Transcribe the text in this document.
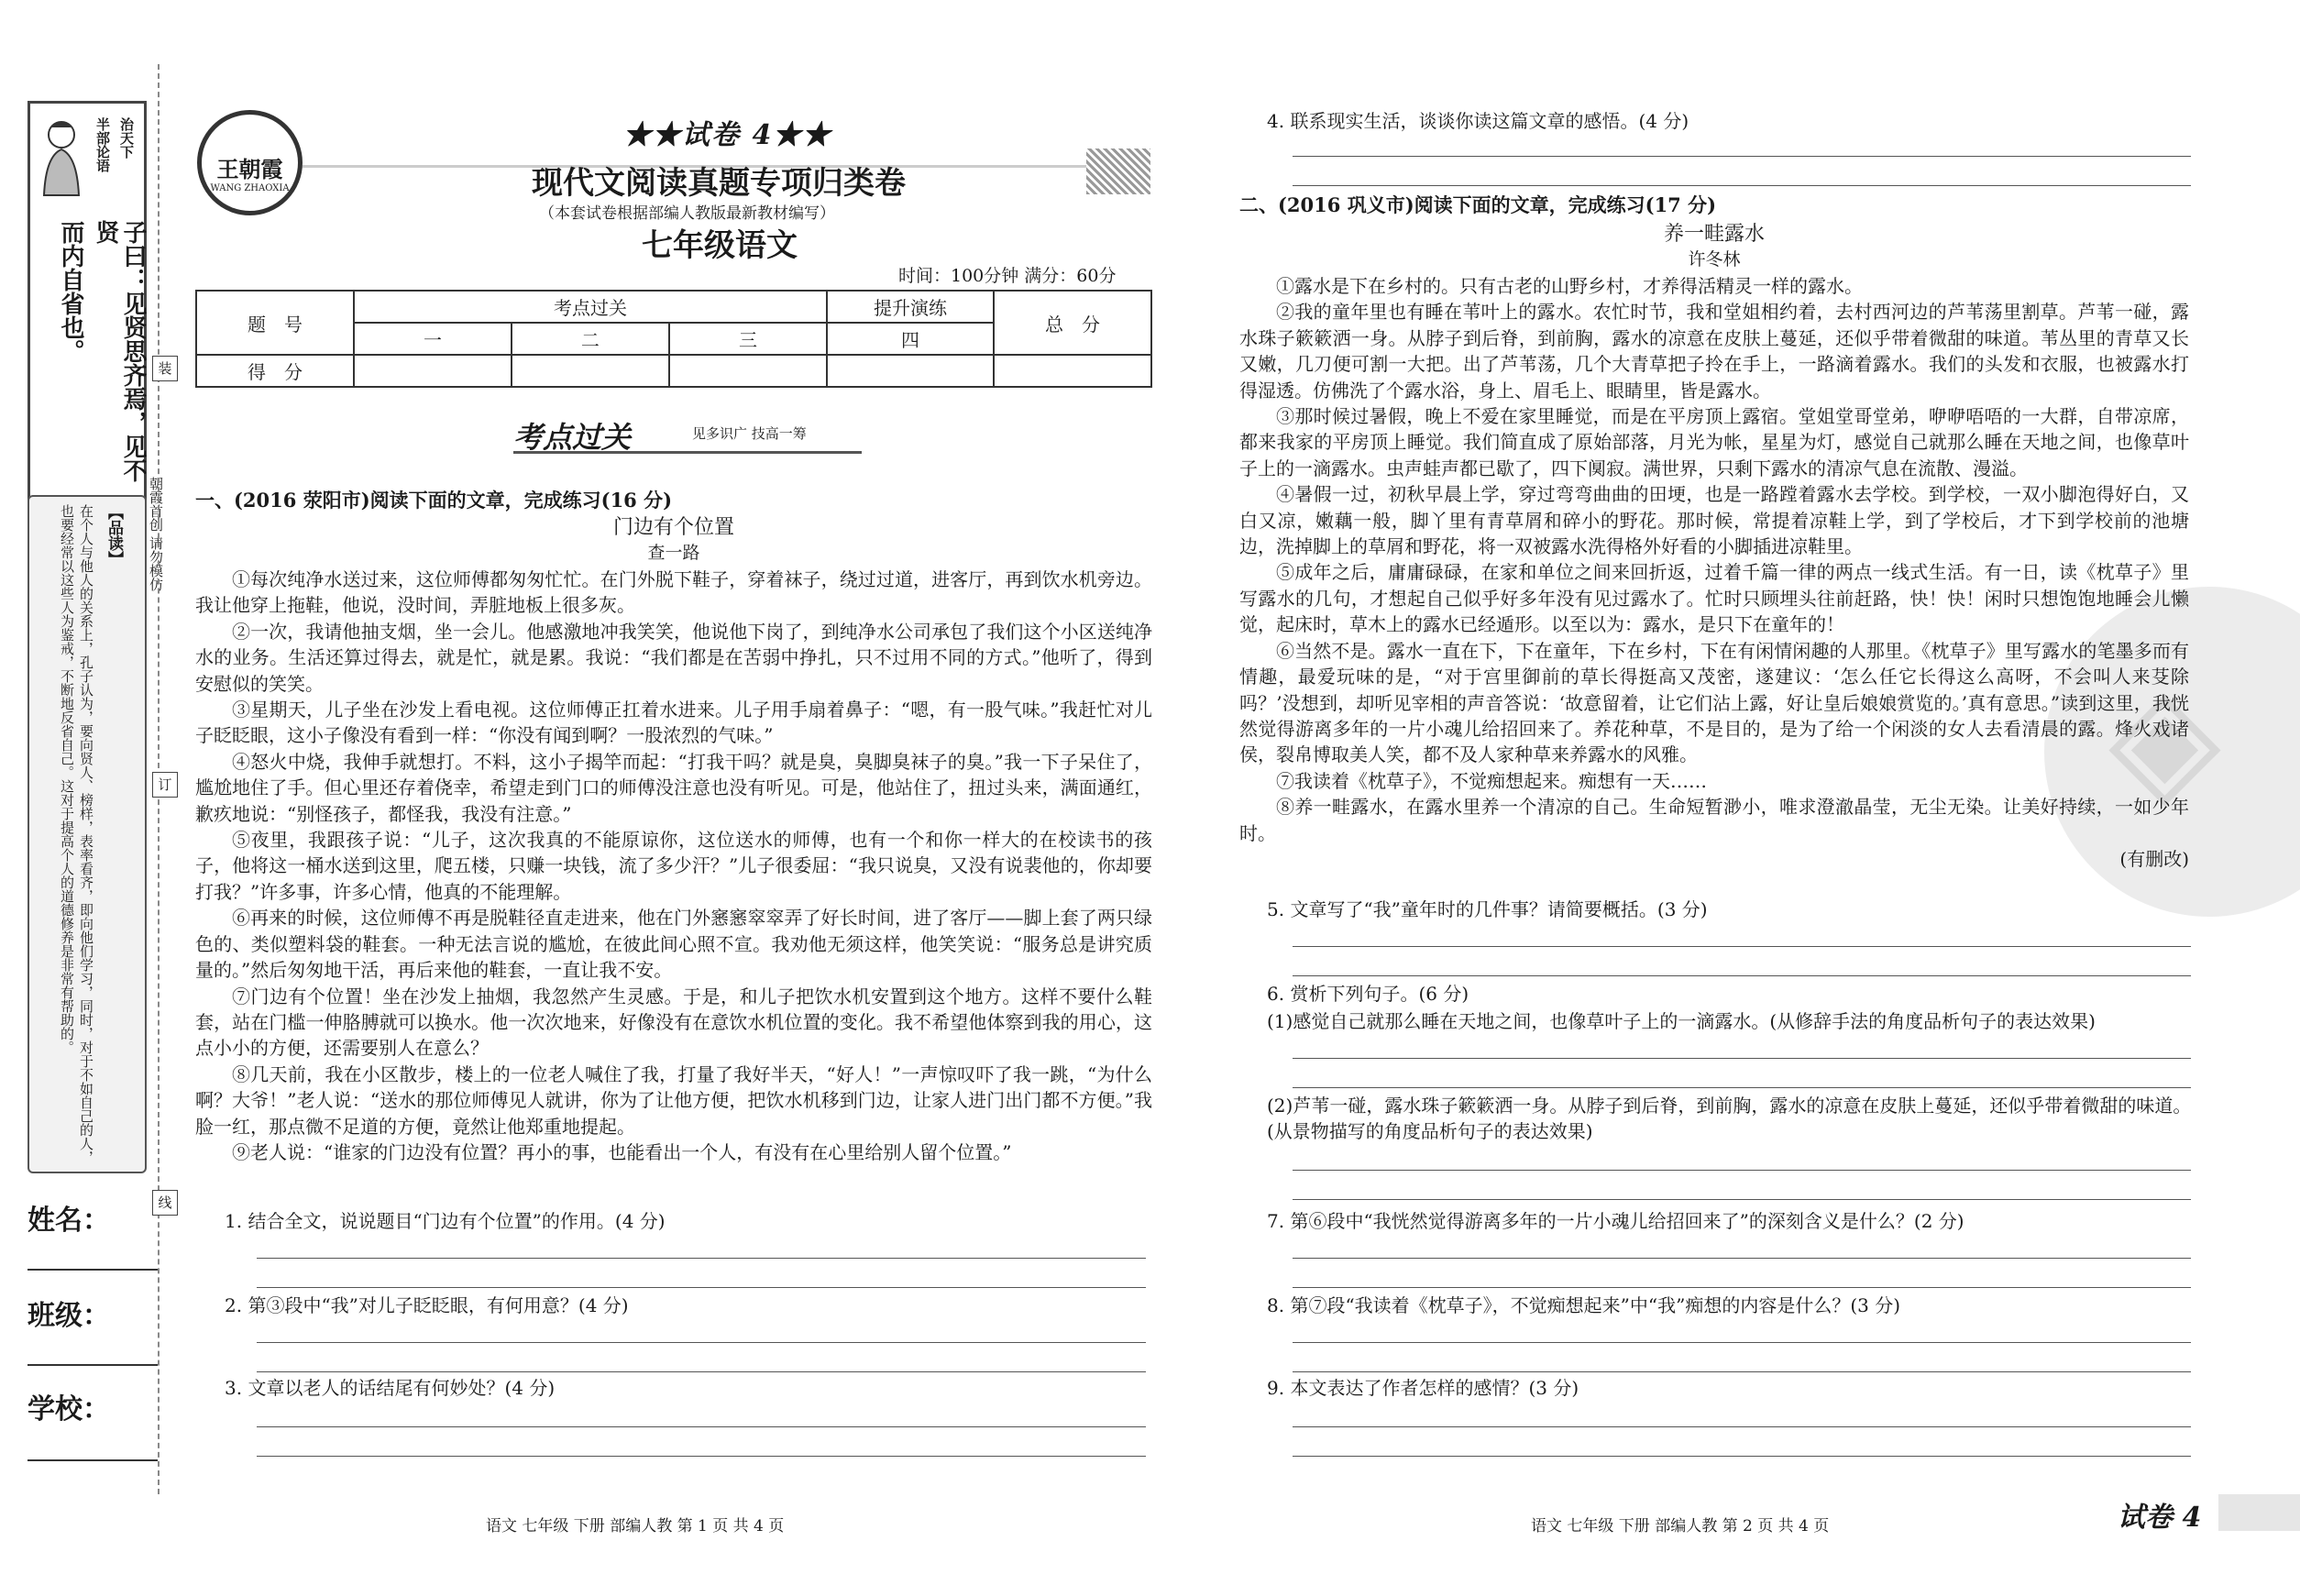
半部论语 治天下
子曰：见贤思齐焉，见不贤
而内自省也。
【品读】
在个人与他人的关系上，孔子认为，要向贤人、榜样，表率看齐，即向他们学习，同时，对于不如自己的人，也要经常以这些人为鉴戒，不断地反省自己。这对于提高个人的道德修养是非常有帮助的。	朝霞首创 请勿模仿
装
订
线
姓名：
班级：
学校：
王朝霞
WANG ZHAOXIA
★★试卷 4★★
现代文阅读真题专项归类卷
（本套试卷根据部编人教版最新教材编写）
七年级语文
时间：100分钟 满分：60分
题　号	考点过关			提升演练	总　分
	一	二	三	四	
得　分					
考点过关	见多识广 技高一筹
一、(2016 荥阳市)阅读下面的文章，完成练习(16 分)
门边有个位置
查一路

①每次纯净水送过来，这位师傅都匆匆忙忙。在门外脱下鞋子，穿着袜子，绕过过道，进客厅，再到饮水机旁边。我让他穿上拖鞋，他说，没时间，弄脏地板上很多灰。

②一次，我请他抽支烟，坐一会儿。他感激地冲我笑笑，他说他下岗了，到纯净水公司承包了我们这个小区送纯净水的业务。生活还算过得去，就是忙，就是累。我说：“我们都是在苦弱中挣扎，只不过用不同的方式。”他听了，得到安慰似的笑笑。

③星期天，儿子坐在沙发上看电视。这位师傅正扛着水进来。儿子用手扇着鼻子：“嗯，有一股气味。”我赶忙对儿子眨眨眼，这小子像没有看到一样：“你没有闻到啊？一股浓烈的气味。”

④怒火中烧，我伸手就想打。不料，这小子揭竿而起：“打我干吗？就是臭，臭脚臭袜子的臭。”我一下子呆住了，尴尬地住了手。但心里还存着侥幸，希望走到门口的师傅没注意也没有听见。可是，他站住了，扭过头来，满面通红，歉疚地说：“别怪孩子，都怪我，我没有注意。”

⑤夜里，我跟孩子说：“儿子，这次我真的不能原谅你，这位送水的师傅，也有一个和你一样大的在校读书的孩子，他将这一桶水送到这里，爬五楼，只赚一块钱，流了多少汗？”儿子很委屈：“我只说臭，又没有说裴他的，你却要打我？”许多事，许多心情，他真的不能理解。

⑥再来的时候，这位师傅不再是脱鞋径直走进来，他在门外窸窸窣窣弄了好长时间，进了客厅——脚上套了两只绿色的、类似塑料袋的鞋套。一种无法言说的尴尬，在彼此间心照不宣。我劝他无须这样，他笑笑说：“服务总是讲究质量的。”然后匆匆地干活，再后来他的鞋套，一直让我不安。

⑦门边有个位置！坐在沙发上抽烟，我忽然产生灵感。于是，和儿子把饮水机安置到这个地方。这样不要什么鞋套，站在门槛一伸胳膊就可以换水。他一次次地来，好像没有在意饮水机位置的变化。我不希望他体察到我的用心，这点小小的方便，还需要别人在意么？

⑧几天前，我在小区散步，楼上的一位老人喊住了我，打量了我好半天，“好人！”一声惊叹吓了我一跳，“为什么啊？大爷！”老人说：“送水的那位师傅见人就讲，你为了让他方便，把饮水机移到门边，让家人进门出门都不方便。”我脸一红，那点微不足道的方便，竟然让他郑重地提起。

⑨老人说：“谁家的门边没有位置？再小的事，也能看出一个人，有没有在心里给别人留个位置。”

1. 结合全文，说说题目“门边有个位置”的作用。(4 分)
2. 第③段中“我”对儿子眨眨眼，有何用意？(4 分)
3. 文章以老人的话结尾有何妙处？(4 分)
语文 七年级 下册 部编人教 第 1 页 共 4 页
◈
4. 联系现实生活，谈谈你读这篇文章的感悟。(4 分)
二、(2016 巩义市)阅读下面的文章，完成练习(17 分)
养一畦露水
许冬林

①露水是下在乡村的。只有古老的山野乡村，才养得活精灵一样的露水。

②我的童年里也有睡在苇叶上的露水。农忙时节，我和堂姐相约着，去村西河边的芦苇荡里割草。芦苇一碰，露水珠子簌簌洒一身。从脖子到后脊，到前胸，露水的凉意在皮肤上蔓延，还似乎带着微甜的味道。苇丛里的青草又长又嫩，几刀便可割一大把。出了芦苇荡，几个大青草把子拎在手上，一路滴着露水。我们的头发和衣服，也被露水打得湿透。仿佛洗了个露水浴，身上、眉毛上、眼睛里，皆是露水。

③那时候过暑假，晚上不爱在家里睡觉，而是在平房顶上露宿。堂姐堂哥堂弟，咿咿唔唔的一大群，自带凉席，都来我家的平房顶上睡觉。我们简直成了原始部落，月光为帐，星星为灯，感觉自己就那么睡在天地之间，也像草叶子上的一滴露水。虫声蛙声都已歇了，四下阒寂。满世界，只剩下露水的清凉气息在流散、漫溢。

④暑假一过，初秋早晨上学，穿过弯弯曲曲的田埂，也是一路蹚着露水去学校。到学校，一双小脚泡得好白，又白又凉，嫩藕一般，脚丫里有青草屑和碎小的野花。那时候，常提着凉鞋上学，到了学校后，才下到学校前的池塘边，洗掉脚上的草屑和野花，将一双被露水洗得格外好看的小脚插进凉鞋里。

⑤成年之后，庸庸碌碌，在家和单位之间来回折返，过着千篇一律的两点一线式生活。有一日，读《枕草子》里写露水的几句，才想起自己似乎好多年没有见过露水了。忙时只顾埋头往前赶路，快！快！闲时只想饱饱地睡会儿懒觉，起床时，草木上的露水已经遁形。以至以为：露水，是只下在童年的！

⑥当然不是。露水一直在下，下在童年，下在乡村，下在有闲情闲趣的人那里。《枕草子》里写露水的笔墨多而有情趣，最爱玩味的是，“对于宫里御前的草长得挺高又茂密，遂建议：‘怎么任它长得这么高呀，不会叫人来芟除吗？’没想到，却听见宰相的声音答说：‘故意留着，让它们沾上露，好让皇后娘娘赏览的。’真有意思。”读到这里，我恍然觉得游离多年的一片小魂儿给招回来了。养花种草，不是目的，是为了给一个闲淡的女人去看清晨的露。烽火戏诸侯，裂帛博取美人笑，都不及人家种草来养露水的风雅。

⑦我读着《枕草子》，不觉痴想起来。痴想有一天……

⑧养一畦露水，在露水里养一个清凉的自己。生命短暂渺小，唯求澄澈晶莹，无尘无染。让美好持续，一如少年时。

(有删改)

5. 文章写了“我”童年时的几件事？请简要概括。(3 分)
6. 赏析下列句子。(6 分)
(1)感觉自己就那么睡在天地之间，也像草叶子上的一滴露水。(从修辞手法的角度品析句子的表达效果)
(2)芦苇一碰，露水珠子簌簌洒一身。从脖子到后脊，到前胸，露水的凉意在皮肤上蔓延，还似乎带着微甜的味道。(从景物描写的角度品析句子的表达效果)
7. 第⑥段中“我恍然觉得游离多年的一片小魂儿给招回来了”的深刻含义是什么？(2 分)
8. 第⑦段“我读着《枕草子》，不觉痴想起来”中“我”痴想的内容是什么？(3 分)
9. 本文表达了作者怎样的感情？(3 分)
语文 七年级 下册 部编人教 第 2 页 共 4 页	试卷 4
